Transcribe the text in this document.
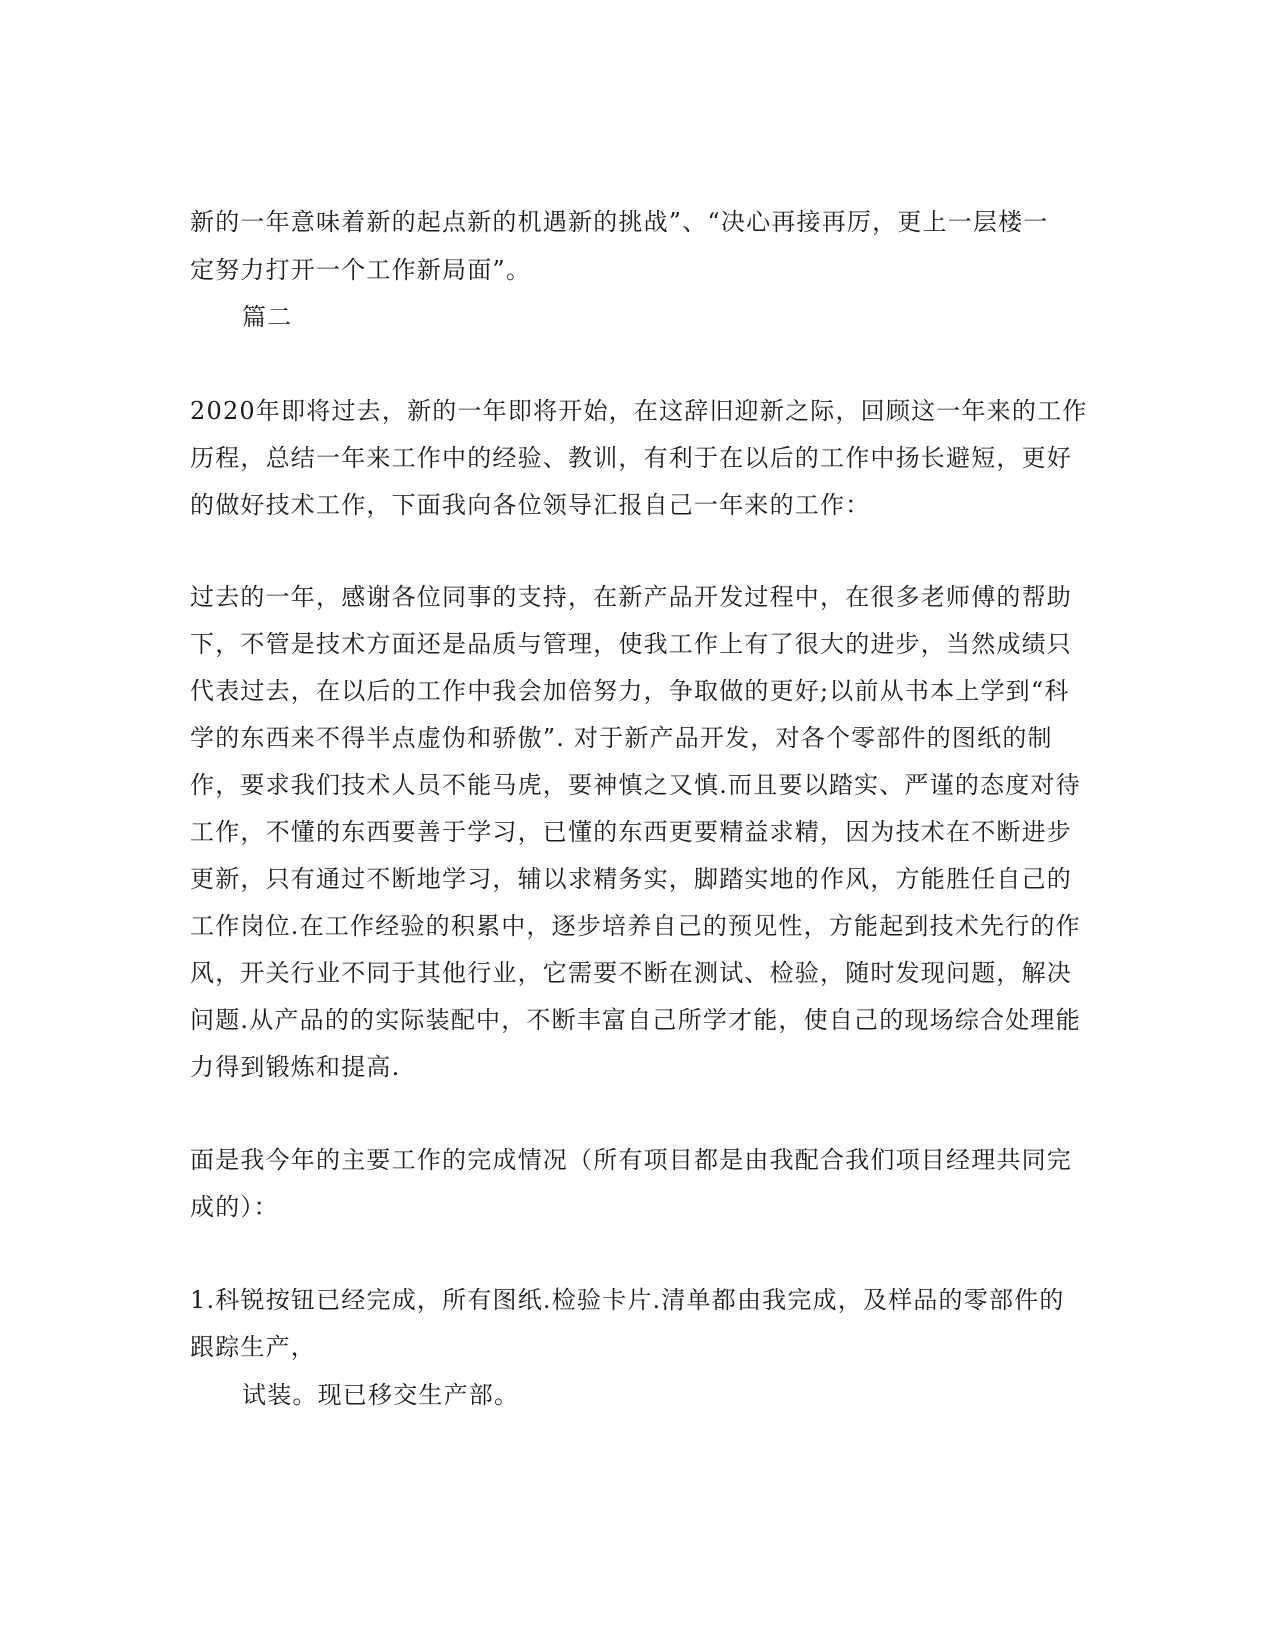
新的一年意味着新的起点新的机遇新的挑战”、“决心再接再厉，更上一层楼一
定努力打开一个工作新局面”。
篇二
2020年即将过去，新的一年即将开始，在这辞旧迎新之际，回顾这一年来的工作
历程，总结一年来工作中的经验、教训，有利于在以后的工作中扬长避短，更好
的做好技术工作，下面我向各位领导汇报自己一年来的工作：
过去的一年，感谢各位同事的支持，在新产品开发过程中，在很多老师傅的帮助
下，不管是技术方面还是品质与管理，使我工作上有了很大的进步，当然成绩只
代表过去，在以后的工作中我会加倍努力，争取做的更好;以前从书本上学到“科
学的东西来不得半点虚伪和骄傲”. 对于新产品开发，对各个零部件的图纸的制
作，要求我们技术人员不能马虎，要神慎之又慎.而且要以踏实、严谨的态度对待
工作，不懂的东西要善于学习，已懂的东西更要精益求精，因为技术在不断进步
更新，只有通过不断地学习，辅以求精务实，脚踏实地的作风，方能胜任自己的
工作岗位.在工作经验的积累中，逐步培养自己的预见性，方能起到技术先行的作
风，开关行业不同于其他行业，它需要不断在测试、检验，随时发现问题，解决
问题.从产品的的实际装配中，不断丰富自己所学才能，使自己的现场综合处理能
力得到锻炼和提高.
面是我今年的主要工作的完成情况（所有项目都是由我配合我们项目经理共同完
成的）：
1.科锐按钮已经完成，所有图纸.检验卡片.清单都由我完成，及样品的零部件的
跟踪生产，
试装。现已移交生产部。
